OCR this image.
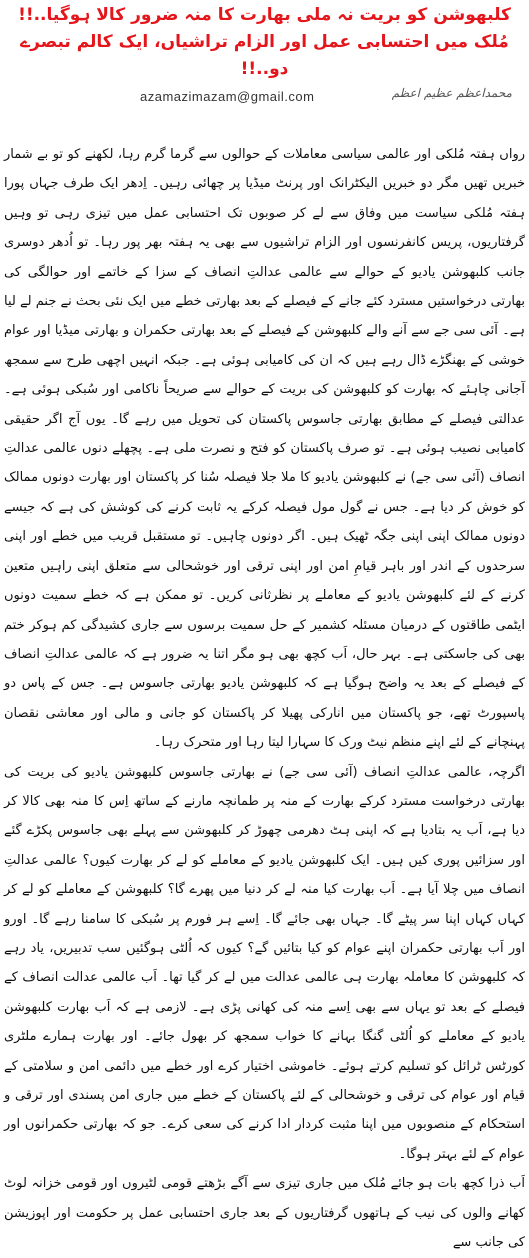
کلبھوشن کو بریت نہ ملی بھارت کا منہ ضرور کالا ہوگیا..!! مُلک میں احتسابی عمل اور الزام تراشیاں، ایک کالم تبصرے دو..!!
azamazimazam@gmail.com	محمداعظم عظیم اعظم

رواں ہفتہ مُلکی اور عالمی سیاسی معاملات کے حوالوں سے گرما گرم رہا، لکھنے کو تو بے شمار خبریں تھیں مگر دو خبریں الیکٹرانک اور پرنٹ میڈیا پر چھائی رہیں۔ اِدھر ایک طرف جہاں پورا ہفتہ مُلکی سیاست میں وفاق سے لے کر صوبوں تک احتسابی عمل میں تیزی رہی تو وہیں گرفتاریوں، پریس کانفرنسوں اور الزام تراشیوں سے بھی یہ ہفتہ بھر پور رہا۔ تو اُدھر دوسری جانب کلبھوشن یادیو کے حوالے سے عالمی عدالتِ انصاف کے سزا کے خاتمے اور حوالگی کی بھارتی درخواستیں مسترد کئے جانے کے فیصلے کے بعد بھارتی خطے میں ایک نئی بحث نے جنم لے لیا ہے۔ آئی سی جے سے آنے والے کلبھوشن کے فیصلے کے بعد بھارتی حکمران و بھارتی میڈیا اور عوام خوشی کے بھنگڑے ڈال رہے ہیں کہ ان کی کامیابی ہوئی ہے۔ جبکہ انہیں اچھی طرح سے سمجھ آجانی چاہئے کہ بھارت کو کلبھوشن کی بریت کے حوالے سے صریحاً ناکامی اور سُبکی ہوئی ہے۔ عدالتی فیصلے کے مطابق بھارتی جاسوس پاکستان کی تحویل میں رہے گا۔ یوں آج اگر حقیقی کامیابی نصیب ہوئی ہے۔ تو صرف پاکستان کو فتح و نصرت ملی ہے۔ پچھلے دنوں عالمی عدالتِ انصاف (آئی سی جے) نے کلبھوشن یادیو کا ملا جلا فیصلہ سُنا کر پاکستان اور بھارت دونوں ممالک کو خوش کر دیا ہے۔ جس نے گول مول فیصلہ کرکے یہ ثابت کرنے کی کوشش کی ہے کہ جیسے دونوں ممالک اپنی اپنی جگہ ٹھیک ہیں۔ اگر دونوں چاہیں۔ تو مستقبل قریب میں خطے اور اپنی سرحدوں کے اندر اور باہر قیامِ امن اور اپنی ترقی اور خوشحالی سے متعلق اپنی راہیں متعین کرنے کے لئے کلبھوشن یادیو کے معاملے پر نظرثانی کریں۔ تو ممکن ہے کہ خطے سمیت دونوں ایٹمی طاقتوں کے درمیان مسئلہ کشمیر کے حل سمیت برسوں سے جاری کشیدگی کم ہوکر ختم بھی کی جاسکتی ہے۔ بہر حال، اَب کچھ بھی ہو مگر اتنا یہ ضرور ہے کہ عالمی عدالتِ انصاف کے فیصلے کے بعد یہ واضح ہوگیا ہے کہ کلبھوشن یادیو بھارتی جاسوس ہے۔ جس کے پاس دو پاسپورٹ تھے، جو پاکستان میں انارکی پھیلا کر پاکستان کو جانی و مالی اور معاشی نقصان پہنچانے کے لئے اپنے منظم نیٹ ورک کا سہارا لیتا رہا اور متحرک رہا۔

اگرچہ، عالمی عدالتِ انصاف (آئی سی جے) نے بھارتی جاسوس کلبھوشن یادیو کی بریت کی بھارتی درخواست مسترد کرکے بھارت کے منہ پر طمانچہ مارنے کے ساتھ اِس کا منہ بھی کالا کر دیا ہے، اَب یہ بتادیا ہے کہ اپنی ہٹ دھرمی چھوڑ کر کلبھوشن سے پہلے بھی جاسوس پکڑے گئے اور سزائیں پوری کیں ہیں۔ ایک کلبھوشن یادیو کے معاملے کو لے کر بھارت کیوں؟ عالمی عدالتِ انصاف میں چلا آیا ہے۔ اَب بھارت کیا منہ لے کر دنیا میں پھرے گا؟ کلبھوشن کے معاملے کو لے کر کہاں کہاں اپنا سر پیٹے گا۔ جہاں بھی جائے گا۔ اِسے ہر فورم پر سُبکی کا سامنا رہے گا۔ اورو اور اَب بھارتی حکمران اپنے عوام کو کیا بتائیں گے؟ کیوں کہ اُلٹی ہوگئیں سب تدبیریں، یاد رہے کہ کلبھوشن کا معاملہ بھارت ہی عالمی عدالت میں لے کر گیا تھا۔ اَب عالمی عدالت انصاف کے فیصلے کے بعد تو یہاں سے بھی اِسے منہ کی کھانی پڑی ہے۔ لازمی ہے کہ اَب بھارت کلبھوشن یادیو کے معاملے کو اُلٹی گنگا بہانے کا خواب سمجھ کر بھول جائے۔ اور بھارت ہمارے ملٹری کورٹس ٹرائل کو تسلیم کرتے ہوئے۔ خاموشی اختیار کرے اور خطے میں دائمی امن و سلامتی کے قیام اور عوام کی ترقی و خوشحالی کے لئے پاکستان کے خطے میں جاری امن پسندی اور ترقی و استحکام کے منصوبوں میں اپنا مثبت کردار ادا کرنے کی سعی کرے۔ جو کہ بھارتی حکمرانوں اور عوام کے لئے بہتر ہوگا۔

اَب ذرا کچھ بات ہو جائے مُلک میں جاری تیزی سے آگے بڑھتے قومی لٹیروں اور قومی خزانہ لوٹ کھانے والوں کی نیب کے ہاتھوں گرفتاریوں کے بعد جاری احتسابی عمل پر حکومت اور اپوزیشن کی جانب سے
